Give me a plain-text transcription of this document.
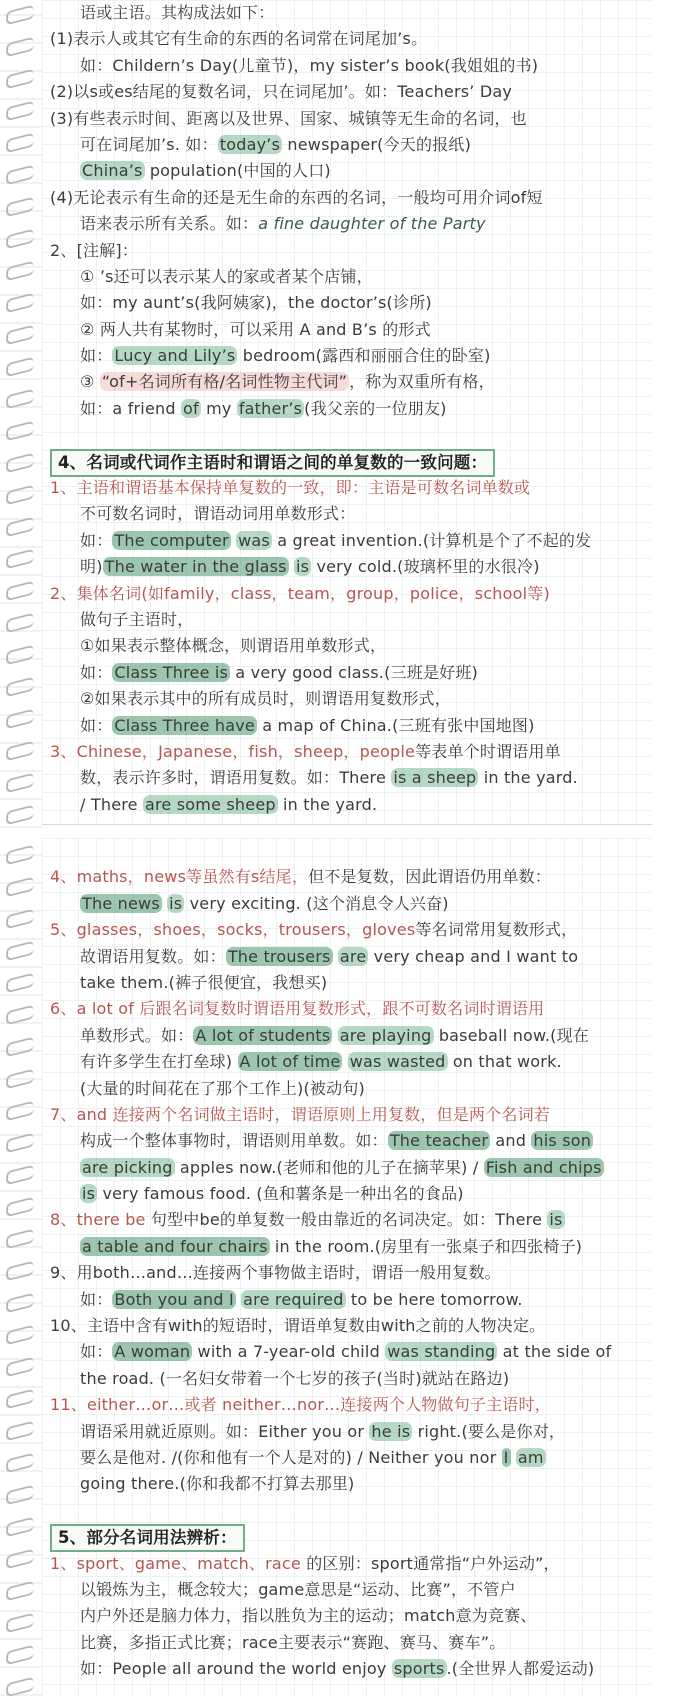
语或主语。其构成法如下：
(1)表示人或其它有生命的东西的名词常在词尾加’s。
如：Childern’s Day(儿童节)，my sister’s book(我姐姐的书)
(2)以s或es结尾的复数名词，只在词尾加’。如：Teachers’ Day
(3)有些表示时间、距离以及世界、国家、城镇等无生命的名词，也
可在词尾加’s. 如： today’s newspaper(今天的报纸)
China’s population(中国的人口)
(4)无论表示有生命的还是无生命的东西的名词，一般均可用介词of短
语来表示所有关系。如：a fine daughter of the Party
2、[注解]：
① ’s还可以表示某人的家或者某个店铺，
如：my aunt’s(我阿姨家)，the doctor’s(诊所)
② 两人共有某物时，可以采用 A and B’s 的形式
如： Lucy and Lily’s bedroom(露西和丽丽合住的卧室)
③ “of+名词所有格/名词性物主代词” ，称为双重所有格，
如：a friend of my father’s (我父亲的一位朋友)
4、名词或代词作主语时和谓语之间的单复数的一致问题：
1、主语和谓语基本保持单复数的一致，即：主语是可数名词单数或
不可数名词时，谓语动词用单数形式：
如： The computer was a great invention.(计算机是个了不起的发
明) The water in the glass is very cold.(玻璃杯里的水很冷)
2、集体名词(如family，class，team，group，police，school等)
做句子主语时，
①如果表示整体概念，则谓语用单数形式，
如： Class Three is a very good class.(三班是好班)
②如果表示其中的所有成员时，则谓语用复数形式，
如： Class Three have a map of China.(三班有张中国地图)
3、Chinese，Japanese，fish，sheep，people等表单个时谓语用单
数，表示许多时，谓语用复数。如：There is a sheep in the yard.
/ There are some sheep in the yard.
4、maths，news等虽然有s结尾，但不是复数，因此谓语仍用单数：
The news is very exciting. (这个消息令人兴奋)
5、glasses，shoes，socks，trousers，gloves等名词常用复数形式，
故谓语用复数。如： The trousers are very cheap and I want to
take them.(裤子很便宜，我想买)
6、a lot of 后跟名词复数时谓语用复数形式，跟不可数名词时谓语用
单数形式。如： A lot of students are playing baseball now.(现在
有许多学生在打垒球) A lot of time was wasted on that work.
(大量的时间花在了那个工作上)(被动句)
7、and 连接两个名词做主语时，谓语原则上用复数，但是两个名词若
构成一个整体事物时，谓语则用单数。如： The teacher and his son
are picking apples now.(老师和他的儿子在摘苹果) / Fish and chips
is very famous food. (鱼和薯条是一种出名的食品)
8、there be 句型中be的单复数一般由靠近的名词决定。如：There is
a table and four chairs in the room.(房里有一张桌子和四张椅子)
9、用both…and…连接两个事物做主语时，谓语一般用复数。
如： Both you and I are required to be here tomorrow.
10、主语中含有with的短语时，谓语单复数由with之前的人物决定。
如： A woman with a 7-year-old child was standing at the side of
the road. (一名妇女带着一个七岁的孩子(当时)就站在路边)
11、either…or…或者 neither…nor…连接两个人物做句子主语时，
谓语采用就近原则。如：Either you or he is right.(要么是你对，
要么是他对. /(你和他有一个人是对的) / Neither you nor I am
going there.(你和我都不打算去那里)
5、部分名词用法辨析：
1、sport、game、match、race 的区别：sport通常指“户外运动”，
以锻炼为主，概念较大；game意思是“运动、比赛”，不管户
内户外还是脑力体力，指以胜负为主的运动；match意为竞赛、
比赛，多指正式比赛；race主要表示“赛跑、赛马、赛车”。
如：People all around the world enjoy sports .(全世界人都爱运动)
